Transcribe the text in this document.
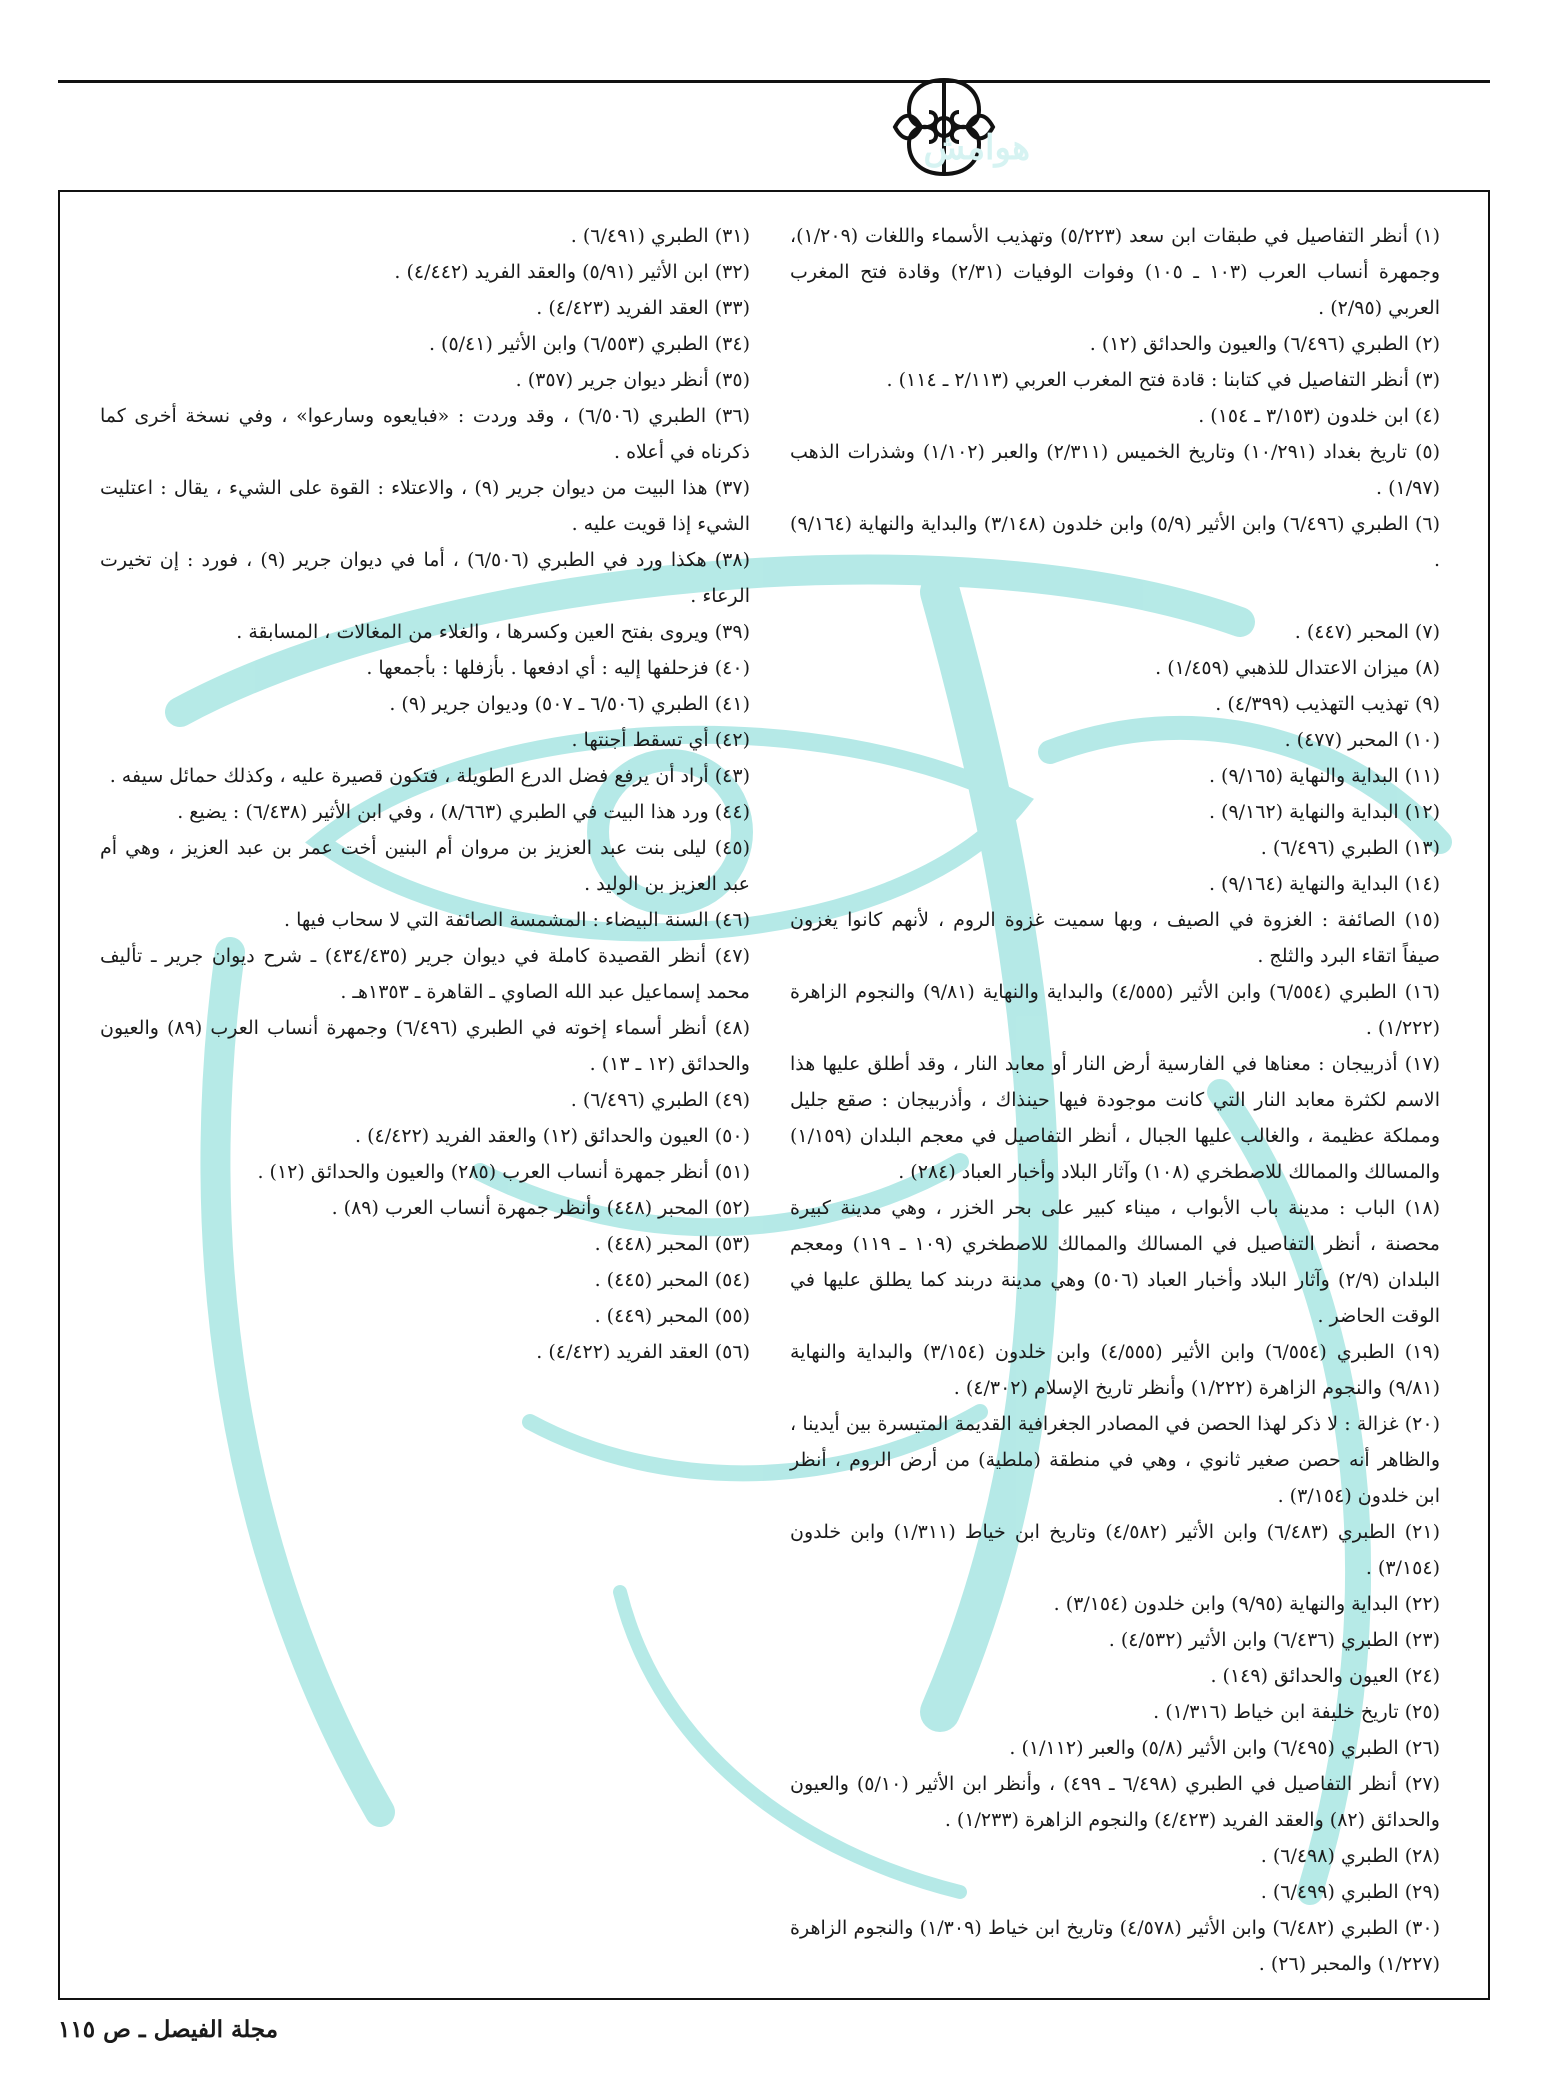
هوامش

(١) أنظر التفاصيل في طبقات ابن سعد (٥/٢٢٣) وتهذيب الأسماء واللغات (١/٢٠٩)، وجمهرة أنساب العرب (١٠٣ ـ ١٠٥) وفوات الوفيات (٢/٣١) وقادة فتح المغرب العربي (٢/٩٥) .

(٢) الطبري (٦/٤٩٦) والعيون والحدائق (١٢) .

(٣) أنظر التفاصيل في كتابنا : قادة فتح المغرب العربي (٢/١١٣ ـ ١١٤) .

(٤) ابن خلدون (٣/١٥٣ ـ ١٥٤) .

(٥) تاريخ بغداد (١٠/٢٩١) وتاريخ الخميس (٢/٣١١) والعبر (١/١٠٢) وشذرات الذهب (١/٩٧) .

(٦) الطبري (٦/٤٩٦) وابن الأثير (٥/٩) وابن خلدون (٣/١٤٨) والبداية والنهاية (٩/١٦٤) .

(٧) المحبر (٤٤٧) .

(٨) ميزان الاعتدال للذهبي (١/٤٥٩) .

(٩) تهذيب التهذيب (٤/٣٩٩) .

(١٠) المحبر (٤٧٧) .

(١١) البداية والنهاية (٩/١٦٥) .

(١٢) البداية والنهاية (٩/١٦٢) .

(١٣) الطبري (٦/٤٩٦) .

(١٤) البداية والنهاية (٩/١٦٤) .

(١٥) الصائفة : الغزوة في الصيف ، وبها سميت غزوة الروم ، لأنهم كانوا يغزون صيفاً اتقاء البرد والثلج .

(١٦) الطبري (٦/٥٥٤) وابن الأثير (٤/٥٥٥) والبداية والنهاية (٩/٨١) والنجوم الزاهرة (١/٢٢٢) .

(١٧) أذربيجان : معناها في الفارسية أرض النار أو معابد النار ، وقد أطلق عليها هذا الاسم لكثرة معابد النار التي كانت موجودة فيها حينذاك ، وأذربيجان : صقع جليل ومملكة عظيمة ، والغالب عليها الجبال ، أنظر التفاصيل في معجم البلدان (١/١٥٩) والمسالك والممالك للاصطخري (١٠٨) وآثار البلاد وأخبار العباد (٢٨٤) .

(١٨) الباب : مدينة باب الأبواب ، ميناء كبير على بحر الخزر ، وهي مدينة كبيرة محصنة ، أنظر التفاصيل في المسالك والممالك للاصطخري (١٠٩ ـ ١١٩) ومعجم البلدان (٢/٩) وآثار البلاد وأخبار العباد (٥٠٦) وهي مدينة دربند كما يطلق عليها في الوقت الحاضر .

(١٩) الطبري (٦/٥٥٤) وابن الأثير (٤/٥٥٥) وابن خلدون (٣/١٥٤) والبداية والنهاية (٩/٨١) والنجوم الزاهرة (١/٢٢٢) وأنظر تاريخ الإسلام (٤/٣٠٢) .

(٢٠) غزالة : لا ذكر لهذا الحصن في المصادر الجغرافية القديمة المتيسرة بين أيدينا ، والظاهر أنه حصن صغير ثانوي ، وهي في منطقة (ملطية) من أرض الروم ، أنظر ابن خلدون (٣/١٥٤) .

(٢١) الطبري (٦/٤٨٣) وابن الأثير (٤/٥٨٢) وتاريخ ابن خياط (١/٣١١) وابن خلدون (٣/١٥٤) .

(٢٢) البداية والنهاية (٩/٩٥) وابن خلدون (٣/١٥٤) .

(٢٣) الطبري (٦/٤٣٦) وابن الأثير (٤/٥٣٢) .

(٢٤) العيون والحدائق (١٤٩) .

(٢٥) تاريخ خليفة ابن خياط (١/٣١٦) .

(٢٦) الطبري (٦/٤٩٥) وابن الأثير (٥/٨) والعبر (١/١١٢) .

(٢٧) أنظر التفاصيل في الطبري (٦/٤٩٨ ـ ٤٩٩) ، وأنظر ابن الأثير (٥/١٠) والعيون والحدائق (٨٢) والعقد الفريد (٤/٤٢٣) والنجوم الزاهرة (١/٢٣٣) .

(٢٨) الطبري (٦/٤٩٨) .

(٢٩) الطبري (٦/٤٩٩) .

(٣٠) الطبري (٦/٤٨٢) وابن الأثير (٤/٥٧٨) وتاريخ ابن خياط (١/٣٠٩) والنجوم الزاهرة (١/٢٢٧) والمحبر (٢٦) .

(٣١) الطبري (٦/٤٩١) .

(٣٢) ابن الأثير (٥/٩١) والعقد الفريد (٤/٤٤٢) .

(٣٣) العقد الفريد (٤/٤٢٣) .

(٣٤) الطبري (٦/٥٥٣) وابن الأثير (٥/٤١) .

(٣٥) أنظر ديوان جرير (٣٥٧) .

(٣٦) الطبري (٦/٥٠٦) ، وقد وردت : «فبايعوه وسارعوا» ، وفي نسخة أخرى كما ذكرناه في أعلاه .

(٣٧) هذا البيت من ديوان جرير (٩) ، والاعتلاء : القوة على الشيء ، يقال : اعتليت الشيء إذا قويت عليه .

(٣٨) هكذا ورد في الطبري (٦/٥٠٦) ، أما في ديوان جرير (٩) ، فورد : إن تخيرت الرعاء .

(٣٩) ويروى بفتح العين وكسرها ، والغلاء من المغالات ، المسابقة .

(٤٠) فزحلفها إليه : أي ادفعها . بأزفلها : بأجمعها .

(٤١) الطبري (٦/٥٠٦ ـ ٥٠٧) وديوان جرير (٩) .

(٤٢) أي تسقط أجنتها .

(٤٣) أراد أن يرفع فضل الدرع الطويلة ، فتكون قصيرة عليه ، وكذلك حمائل سيفه .

(٤٤) ورد هذا البيت في الطبري (٨/٦٦٣) ، وفي ابن الأثير (٦/٤٣٨) : يضيع .

(٤٥) ليلى بنت عبد العزيز بن مروان أم البنين أخت عمر بن عبد العزيز ، وهي أم عبد العزيز بن الوليد .

(٤٦) السنة البيضاء : المشمسة الصائفة التي لا سحاب فيها .

(٤٧) أنظر القصيدة كاملة في ديوان جرير (٤٣٤/٤٣٥) ـ شرح ديوان جرير ـ تأليف محمد إسماعيل عبد الله الصاوي ـ القاهرة ـ ١٣٥٣هـ .

(٤٨) أنظر أسماء إخوته في الطبري (٦/٤٩٦) وجمهرة أنساب العرب (٨٩) والعيون والحدائق (١٢ ـ ١٣) .

(٤٩) الطبري (٦/٤٩٦) .

(٥٠) العيون والحدائق (١٢) والعقد الفريد (٤/٤٢٢) .

(٥١) أنظر جمهرة أنساب العرب (٢٨٥) والعيون والحدائق (١٢) .

(٥٢) المحبر (٤٤٨) وأنظر جمهرة أنساب العرب (٨٩) .

(٥٣) المحبر (٤٤٨) .

(٥٤) المحبر (٤٤٥) .

(٥٥) المحبر (٤٤٩) .

(٥٦) العقد الفريد (٤/٤٢٢) .

مجلة الفيصل ـ ص ١١٥
